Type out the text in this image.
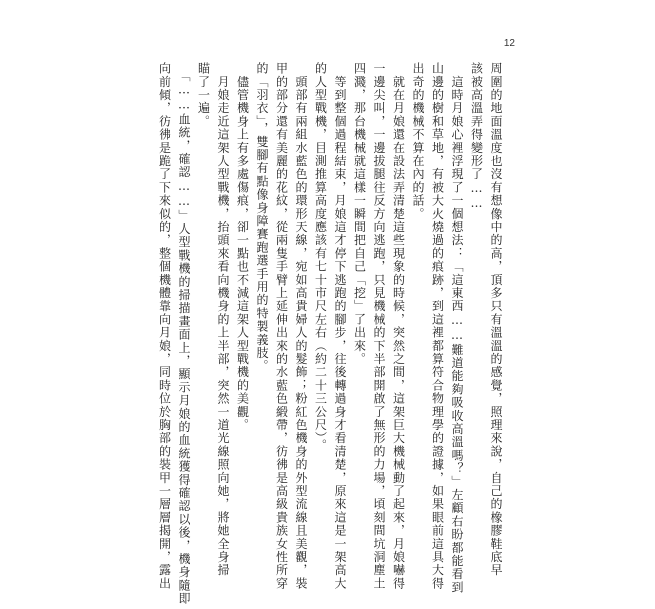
12
周圍的地面溫度也沒有想像中的高，頂多只有溫溫的感覺，照理來說，自己的橡膠鞋底早
該被高溫弄得變形了……
　這時月娘心裡浮現了一個想法：「這東西……難道能夠吸收高溫嗎？」左顧右盼都能看到
山邊的樹和草地，有被大火燒過的痕跡，到這裡都算符合物理學的證據，如果眼前這具大得
出奇的機械不算在內的話。
　就在月娘還在設法弄清楚這些現象的時候，突然之間，這架巨大機械動了起來，月娘嚇得
一邊尖叫，一邊拔腿往反方向逃跑，只見機械的下半部開啟了無形的力場，頃刻間坑洞塵土
四濺，那台機械就這樣一瞬間把自己「挖」了出來。
　等到整個過程結束，月娘這才停下逃跑的腳步，往後轉過身才看清楚，原來這是一架高大
的人型戰機，目測推算高度應該有七十市尺左右（約二十三公尺）。
　頭部有兩組水藍色的環形天線，宛如高貴婦人的髮飾；粉紅色機身的外型流線且美觀，裝
甲的部分還有美麗的花紋，從兩隻手臂上延伸出來的水藍色緞帶，彷彿是高級貴族女性所穿
的「羽衣」，雙腳有點像身障賽跑選手用的特製義肢。
　儘管機身上有多處傷痕，卻一點也不減這架人型戰機的美觀。
　月娘走近這架人型戰機，抬頭來看向機身的上半部，突然一道光線照向她，將她全身掃
瞄了一遍。
　「……血統，確認……」人型戰機的掃描畫面上，顯示月娘的血統獲得確認以後，機身隨即
向前傾，彷彿是跪了下來似的，整個機體靠向月娘，同時位於胸部的裝甲一層層揭開，露出
